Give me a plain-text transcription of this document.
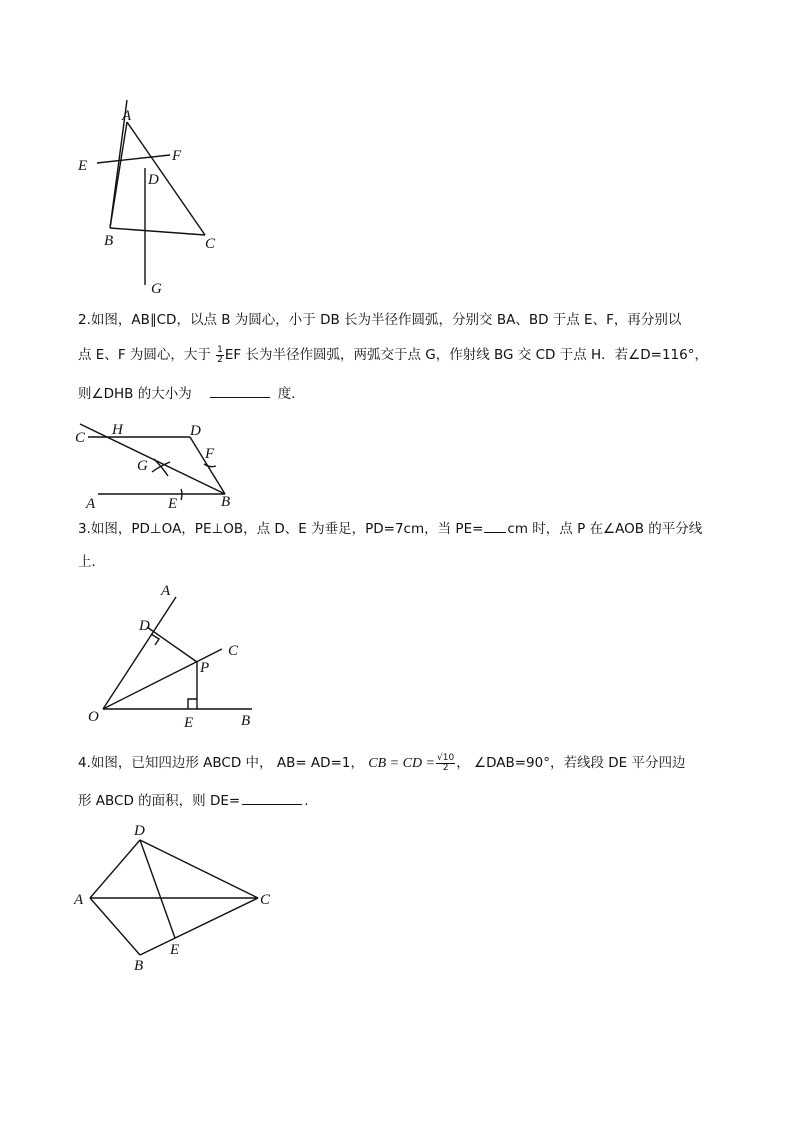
A
B	C
D
E
F
G
2.如图，AB∥CD，以点 B 为圆心，小于 DB 长为半径作圆弧，分别交 BA、BD 于点 E、F，再分别以
点 E、F 为圆心，大于 $\frac{1}{2}$ EF 长为半径作圆弧，两弧交于点 G，作射线 BG 交 CD 于点 H．若∠D=116°，
则∠DHB 的大小为	度．
C H	D
G
F
A	E	B
3.如图，PD⊥OA，PE⊥OB，点 D、E 为垂足，PD=7cm，当 PE= cm 时，点 P 在∠AOB 的平分线
上．
A
D
C
P
O	E	B
4.如图，已知四边形 ABCD 中， AB= AD=1， CB = CD = $\frac{√10}{2}$ ， ∠DAB=90°，若线段 DE 平分四边
形 ABCD 的面积，则 DE=	.
D
A	C
E
B
